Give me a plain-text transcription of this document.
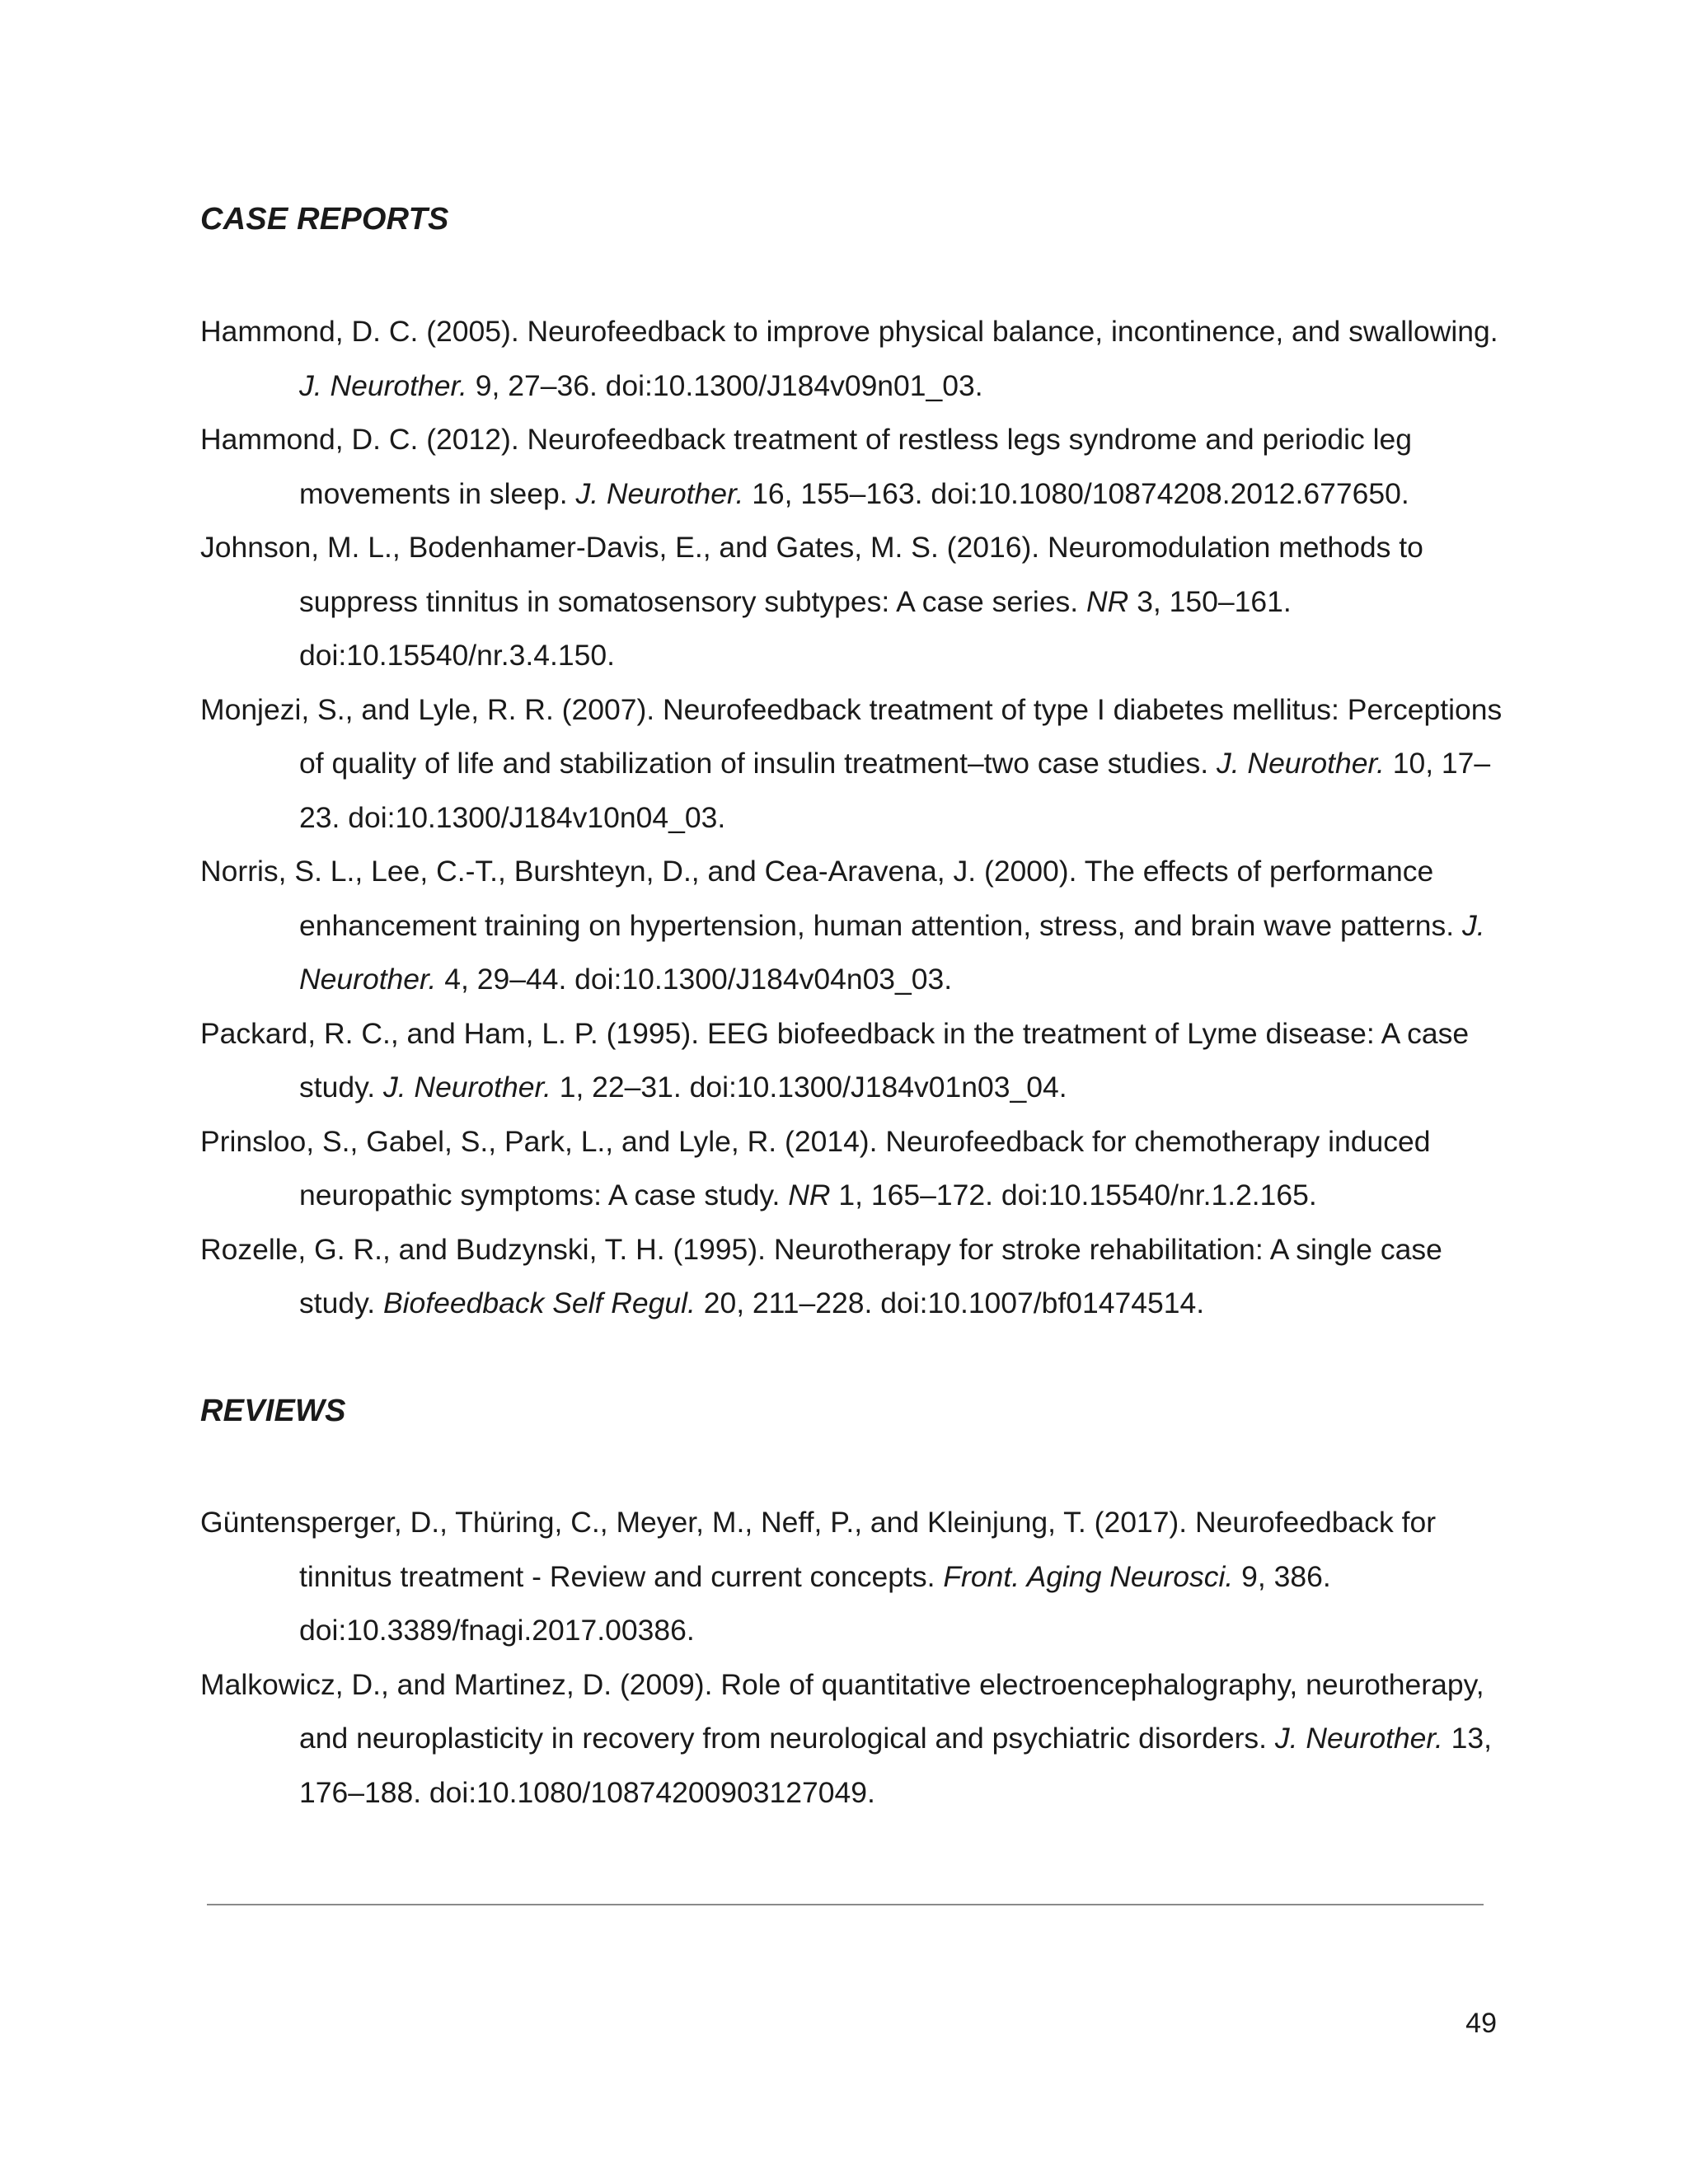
CASE REPORTS
Hammond, D. C. (2005). Neurofeedback to improve physical balance, incontinence, and swallowing. J. Neurother. 9, 27–36. doi:10.1300/J184v09n01_03.
Hammond, D. C. (2012). Neurofeedback treatment of restless legs syndrome and periodic leg movements in sleep. J. Neurother. 16, 155–163. doi:10.1080/10874208.2012.677650.
Johnson, M. L., Bodenhamer-Davis, E., and Gates, M. S. (2016). Neuromodulation methods to suppress tinnitus in somatosensory subtypes: A case series. NR 3, 150–161. doi:10.15540/nr.3.4.150.
Monjezi, S., and Lyle, R. R. (2007). Neurofeedback treatment of type I diabetes mellitus: Perceptions of quality of life and stabilization of insulin treatment–two case studies. J. Neurother. 10, 17–23. doi:10.1300/J184v10n04_03.
Norris, S. L., Lee, C.-T., Burshteyn, D., and Cea-Aravena, J. (2000). The effects of performance enhancement training on hypertension, human attention, stress, and brain wave patterns. J. Neurother. 4, 29–44. doi:10.1300/J184v04n03_03.
Packard, R. C., and Ham, L. P. (1995). EEG biofeedback in the treatment of Lyme disease: A case study. J. Neurother. 1, 22–31. doi:10.1300/J184v01n03_04.
Prinsloo, S., Gabel, S., Park, L., and Lyle, R. (2014). Neurofeedback for chemotherapy induced neuropathic symptoms: A case study. NR 1, 165–172. doi:10.15540/nr.1.2.165.
Rozelle, G. R., and Budzynski, T. H. (1995). Neurotherapy for stroke rehabilitation: A single case study. Biofeedback Self Regul. 20, 211–228. doi:10.1007/bf01474514.
REVIEWS
Güntensperger, D., Thüring, C., Meyer, M., Neff, P., and Kleinjung, T. (2017). Neurofeedback for tinnitus treatment - Review and current concepts. Front. Aging Neurosci. 9, 386. doi:10.3389/fnagi.2017.00386.
Malkowicz, D., and Martinez, D. (2009). Role of quantitative electroencephalography, neurotherapy, and neuroplasticity in recovery from neurological and psychiatric disorders. J. Neurother. 13, 176–188. doi:10.1080/10874200903127049.
49
